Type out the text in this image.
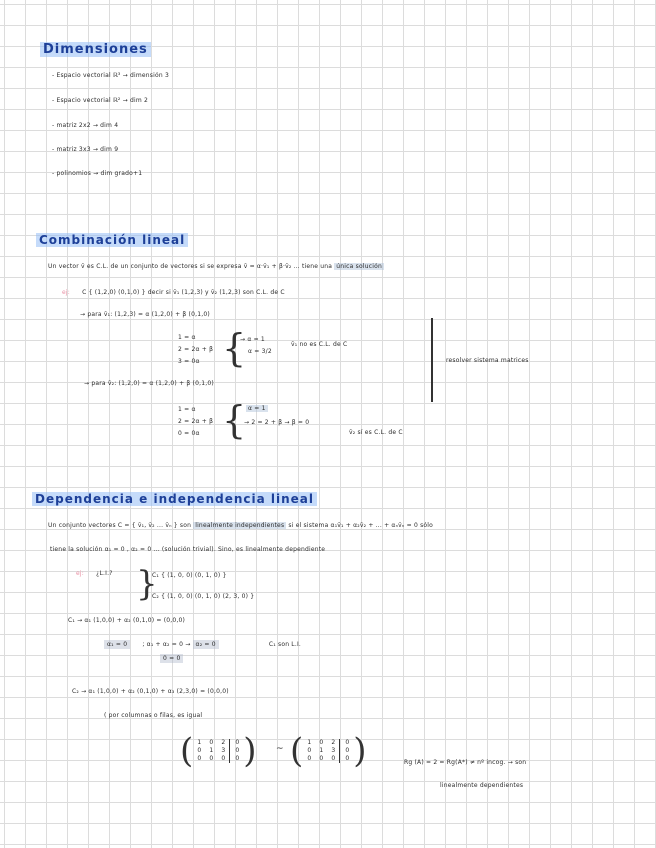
Dimensiones
- Espacio vectorial ℝ³ → dimensión 3
- Espacio vectorial ℝ² → dim 2
- matriz 2x2 → dim 4
- matriz 3x3 → dim 9
- polinomios → dim grado+1
Combinación lineal
Un vector v̄ es C.L. de un conjunto de vectores si se expresa v̄ = α·v̄₁ + β·v̄₂ ... tiene una única solución
ej: C { (1,2,0) (0,1,0) } decir si v̄₁ (1,2,3) y v̄₂ (1,2,3) son C.L. de C
→ para v̄₁: (1,2,3) = α (1,2,0) + β (0,1,0)
1 = α
2 = 2α + β
3 = 0α {
→ α = 1
α = 3/2
v̄₁ no es C.L. de C
resolver sistema matrices
→ para v̄₂: (1,2,0) = α (1,2,0) + β (0,1,0)
1 = α
2 = 2α + β
0 = 0α { α = 1
→ 2 = 2 + β → β = 0
v̄₂ sí es C.L. de C
Dependencia e independencia lineal
Un conjunto vectores C = { v̄₁, v̄₂ ... v̄ₙ } son linealmente independientes si el sistema α₁v̄₁ + α₂v̄₂ + ... + αₙv̄ₙ = 0 sólo
tiene la solución α₁ = 0 , α₂ = 0 ... (solución trivial). Sino, es linealmente dependiente
ej: ¿L.I.? }
C₁ { (1, 0, 0) (0, 1, 0) }
C₂ { (1, 0, 0) (0, 1, 0) (2, 3, 0) }
C₁ → α₁ (1,0,0) + α₂ (0,1,0) = (0,0,0)
α₁ = 0	; α₁ + α₂ = 0 → α₂ = 0	C₁ son L.I.
0 = 0
C₂ → α₁ (1,0,0) + α₂ (0,1,0) + α₃ (2,3,0) = (0,0,0)
( por columnas o filas, es igual
( 1	0	2	0
0	1	3	0
0	0	0	0 ) ~ ( 1	0	2	0
0	1	3	0
0	0	0	0 )	Rg (A) = 2 = Rg(A*) ≠ nº incog. → son
linealmente dependientes
